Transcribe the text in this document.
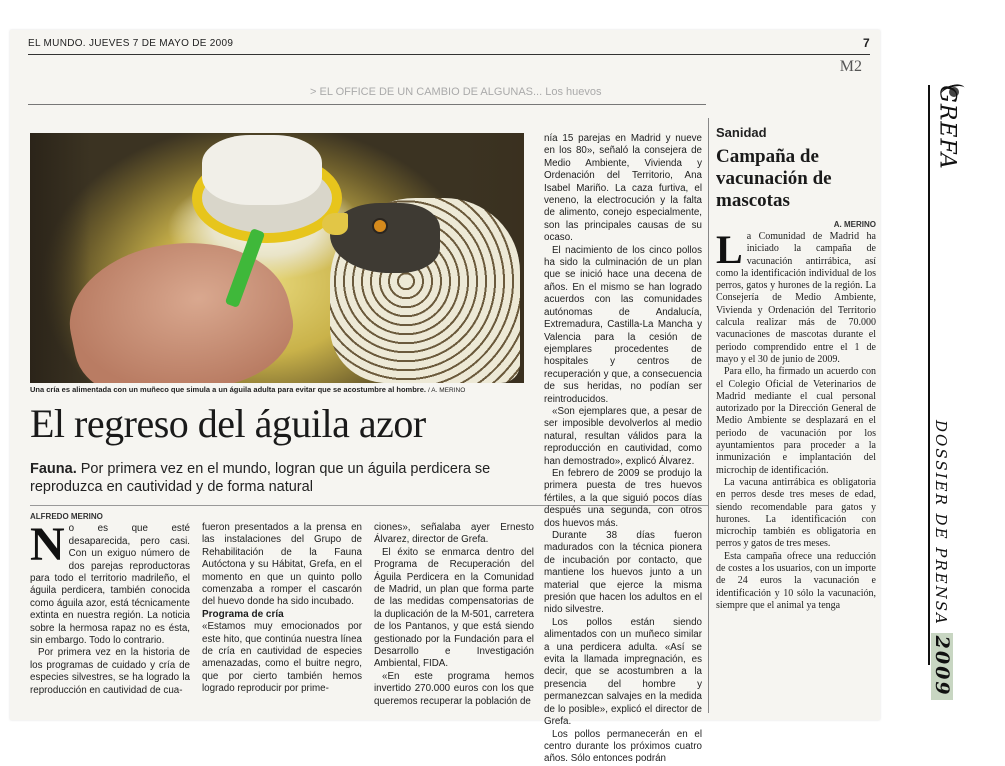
EL MUNDO. JUEVES 7 DE MAYO DE 2009	7
M2
> EL OFFICE DE UN CAMBIO DE ALGUNAS... Los huevos
Una cría es alimentada con un muñeco que simula a un águila adulta para evitar que se acostumbre al hombre. / A. MERINO
El regreso del águila azor
Fauna. Por primera vez en el mundo, logran que un águila perdicera se reproduzca en cautividad y de forma natural
ALFREDO MERINO

No es que esté desaparecida, pero casi. Con un exiguo número de dos parejas reproductoras para todo el territorio madrileño, el águila perdicera, también conocida como águila azor, está técnicamente extinta en nuestra región. La noticia sobre la hermosa rapaz no es ésta, sin embargo. Todo lo contrario.

Por primera vez en la historia de los programas de cuidado y cría de especies silvestres, se ha logrado la reproducción en cautividad de cua-

fueron presentados a la prensa en las instalaciones del Grupo de Rehabilitación de la Fauna Autóctona y su Hábitat, Grefa, en el momento en que un quinto pollo comenzaba a romper el cascarón del huevo donde ha sido incubado.

Programa de cría

«Estamos muy emocionados por este hito, que continúa nuestra línea de cría en cautividad de especies amenazadas, como el buitre negro, que por cierto también hemos logrado reproducir por prime-

ciones», señalaba ayer Ernesto Álvarez, director de Grefa.

El éxito se enmarca dentro del Programa de Recuperación del Águila Perdicera en la Comunidad de Madrid, un plan que forma parte de las medidas compensatorias de la duplicación de la M-501, carretera de los Pantanos, y que está siendo gestionado por la Fundación para el Desarrollo e Investigación Ambiental, FIDA.

«En este programa hemos invertido 270.000 euros con los que queremos recuperar la población de

nía 15 parejas en Madrid y nueve en los 80», señaló la consejera de Medio Ambiente, Vivienda y Ordenación del Territorio, Ana Isabel Mariño. La caza furtiva, el veneno, la electrocución y la falta de alimento, conejo especialmente, son las principales causas de su ocaso.

El nacimiento de los cinco pollos ha sido la culminación de un plan que se inició hace una decena de años. En el mismo se han logrado acuerdos con las comunidades autónomas de Andalucía, Extremadura, Castilla-La Mancha y Valencia para la cesión de ejemplares procedentes de hospitales y centros de recuperación y que, a consecuencia de sus heridas, no podían ser reintroducidos.

«Son ejemplares que, a pesar de ser imposible devolverlos al medio natural, resultan válidos para la reproducción en cautividad, como han demostrado», explicó Álvarez.

En febrero de 2009 se produjo la primera puesta de tres huevos fértiles, a la que siguió pocos días después una segunda, con otros dos huevos más.

Durante 38 días fueron madurados con la técnica pionera de incubación por contacto, que mantiene los huevos junto a un material que ejerce la misma presión que hacen los adultos en el nido silvestre.

Los pollos están siendo alimentados con un muñeco similar a una perdicera adulta. «Así se evita la llamada impregnación, es decir, que se acostumbren a la presencia del hombre y permanezcan salvajes en la medida de lo posible», explicó el director de Grefa.

Los pollos permanecerán en el centro durante los próximos cuatro años. Sólo entonces podrán

Sanidad
Campaña de vacunación de mascotas
A. MERINO

La Comunidad de Madrid ha iniciado la campaña de vacunación antirrábica, así como la identificación individual de los perros, gatos y hurones de la región. La Consejería de Medio Ambiente, Vivienda y Ordenación del Territorio calcula realizar más de 70.000 vacunaciones de mascotas durante el periodo comprendido entre el 1 de mayo y el 30 de junio de 2009.

Para ello, ha firmado un acuerdo con el Colegio Oficial de Veterinarios de Madrid mediante el cual personal autorizado por la Dirección General de Medio Ambiente se desplazará en el periodo de vacunación por los ayuntamientos para proceder a la inmunización e implantación del microchip de identificación.

La vacuna antirrábica es obligatoria en perros desde tres meses de edad, siendo recomendable para gatos y hurones. La identificación con microchip también es obligatoria en perros y gatos de tres meses.

Esta campaña ofrece una reducción de costes a los usuarios, con un importe de 24 euros la vacunación e identificación y 10 sólo la vacunación, siempre que el animal ya tenga

GREFA
DOSSIER DE PRENSA 2009
